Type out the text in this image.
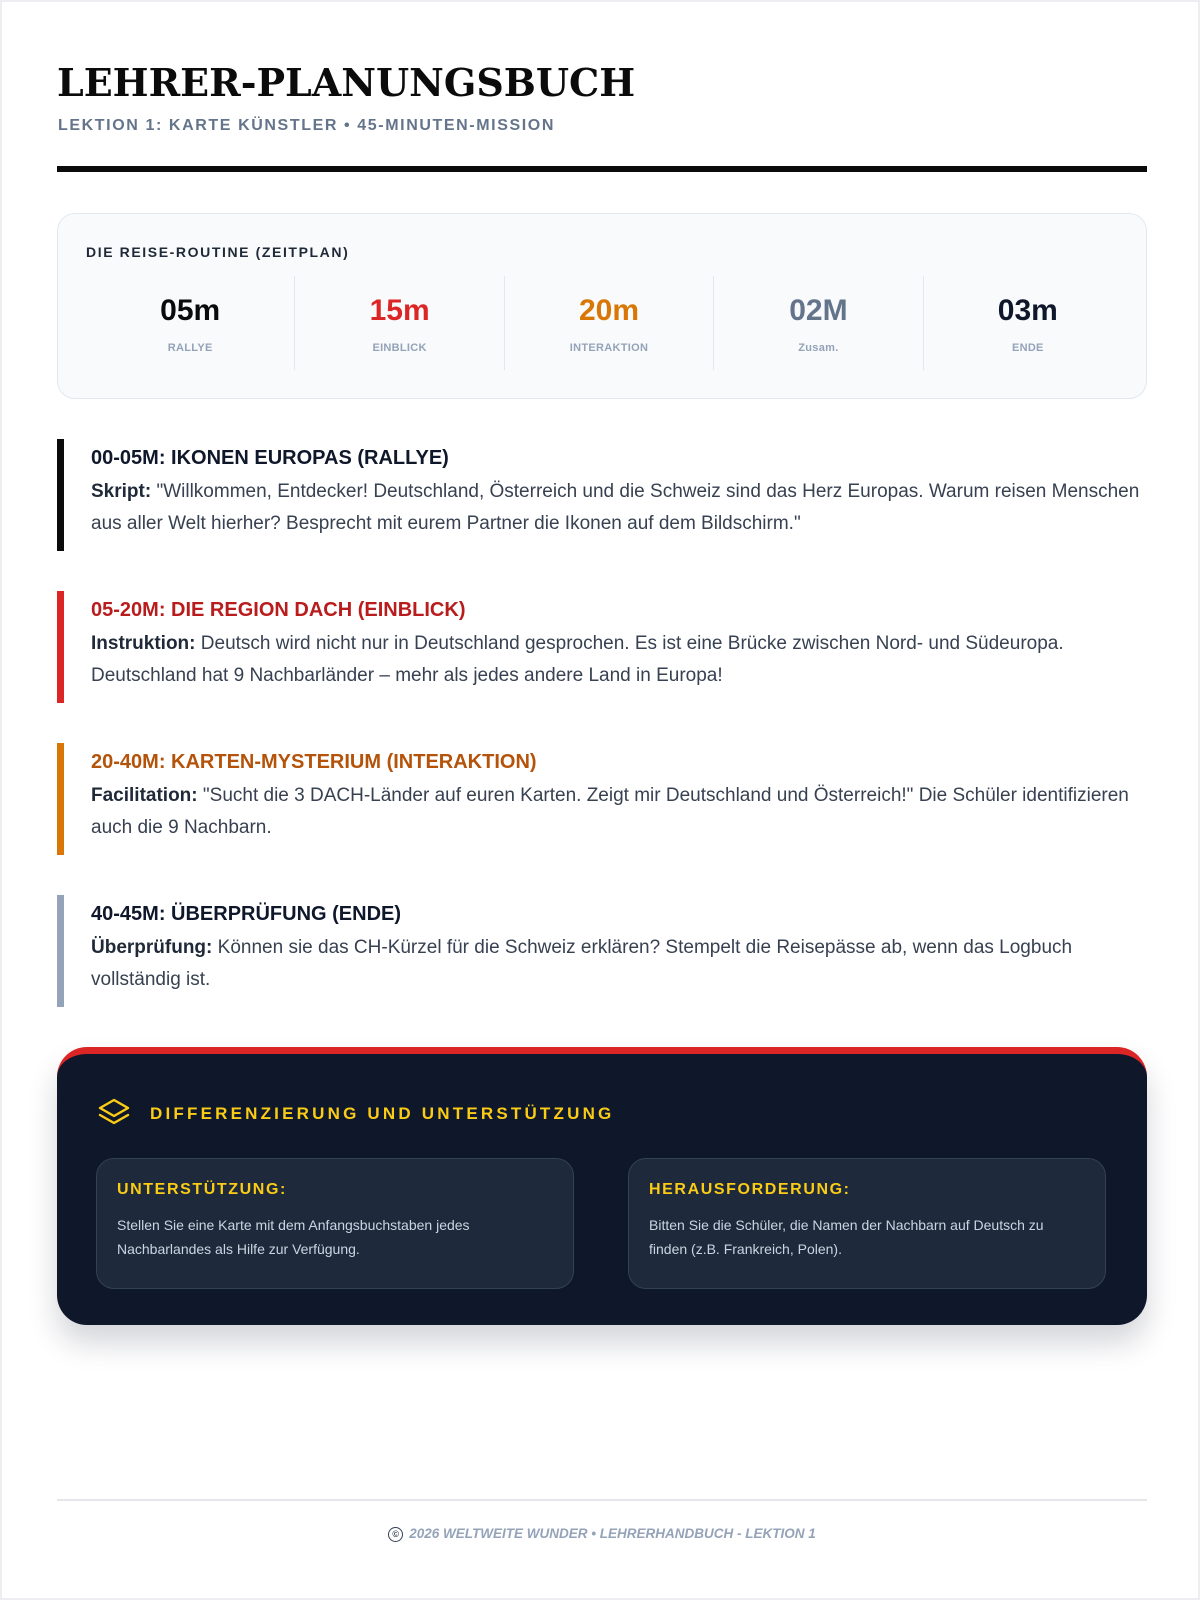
LEHRER-PLANUNGSBUCH
LEKTION 1: KARTE KÜNSTLER • 45-MINUTEN-MISSION
DIE REISE-ROUTINE (ZEITPLAN)
05m
RALLYE
15m
EINBLICK
20m
INTERAKTION
02M
Zusam.
03m
ENDE
00-05M: IKONEN EUROPAS (RALLYE)
Skript: "Willkommen, Entdecker! Deutschland, Österreich und die Schweiz sind das Herz Europas. Warum reisen Menschen aus aller Welt hierher? Besprecht mit eurem Partner die Ikonen auf dem Bildschirm."
05-20M: DIE REGION DACH (EINBLICK)
Instruktion: Deutsch wird nicht nur in Deutschland gesprochen. Es ist eine Brücke zwischen Nord- und Südeuropa. Deutschland hat 9 Nachbarländer – mehr als jedes andere Land in Europa!
20-40M: KARTEN-MYSTERIUM (INTERAKTION)
Facilitation: "Sucht die 3 DACH-Länder auf euren Karten. Zeigt mir Deutschland und Österreich!" Die Schüler identifizieren auch die 9 Nachbarn.
40-45M: ÜBERPRÜFUNG (ENDE)
Überprüfung: Können sie das CH-Kürzel für die Schweiz erklären? Stempelt die Reisepässe ab, wenn das Logbuch vollständig ist.
DIFFERENZIERUNG UND UNTERSTÜTZUNG
UNTERSTÜTZUNG:
Stellen Sie eine Karte mit dem Anfangsbuchstaben jedes Nachbarlandes als Hilfe zur Verfügung.
HERAUSFORDERUNG:
Bitten Sie die Schüler, die Namen der Nachbarn auf Deutsch zu finden (z.B. Frankreich, Polen).
© 2026 WELTWEITE WUNDER • LEHRERHANDBUCH - LEKTION 1
